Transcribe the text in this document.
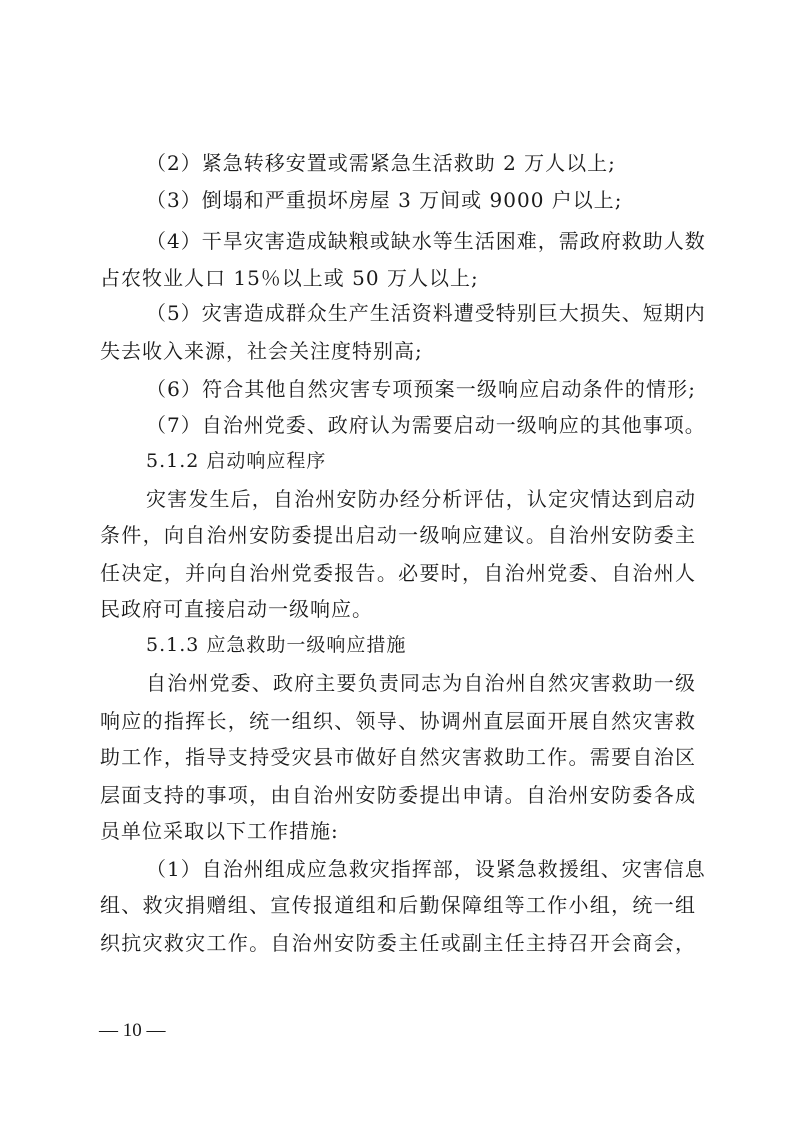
（2）紧急转移安置或需紧急生活救助 2 万人以上;
（3）倒塌和严重损坏房屋 3 万间或 9000 户以上;
（4）干旱灾害造成缺粮或缺水等生活困难，需政府救助人数
占农牧业人口 15％以上或 50 万人以上;
（5）灾害造成群众生产生活资料遭受特别巨大损失、短期内
失去收入来源，社会关注度特别高;
（6）符合其他自然灾害专项预案一级响应启动条件的情形;
（7）自治州党委、政府认为需要启动一级响应的其他事项。
5.1.2 启动响应程序
灾害发生后，自治州安防办经分析评估，认定灾情达到启动
条件，向自治州安防委提出启动一级响应建议。自治州安防委主
任决定，并向自治州党委报告。必要时，自治州党委、自治州人
民政府可直接启动一级响应。
5.1.3 应急救助一级响应措施
自治州党委、政府主要负责同志为自治州自然灾害救助一级
响应的指挥长，统一组织、领导、协调州直层面开展自然灾害救
助工作，指导支持受灾县市做好自然灾害救助工作。需要自治区
层面支持的事项，由自治州安防委提出申请。自治州安防委各成
员单位采取以下工作措施:
（1）自治州组成应急救灾指挥部，设紧急救援组、灾害信息
组、救灾捐赠组、宣传报道组和后勤保障组等工作小组，统一组
织抗灾救灾工作。自治州安防委主任或副主任主持召开会商会，
— 10 —
